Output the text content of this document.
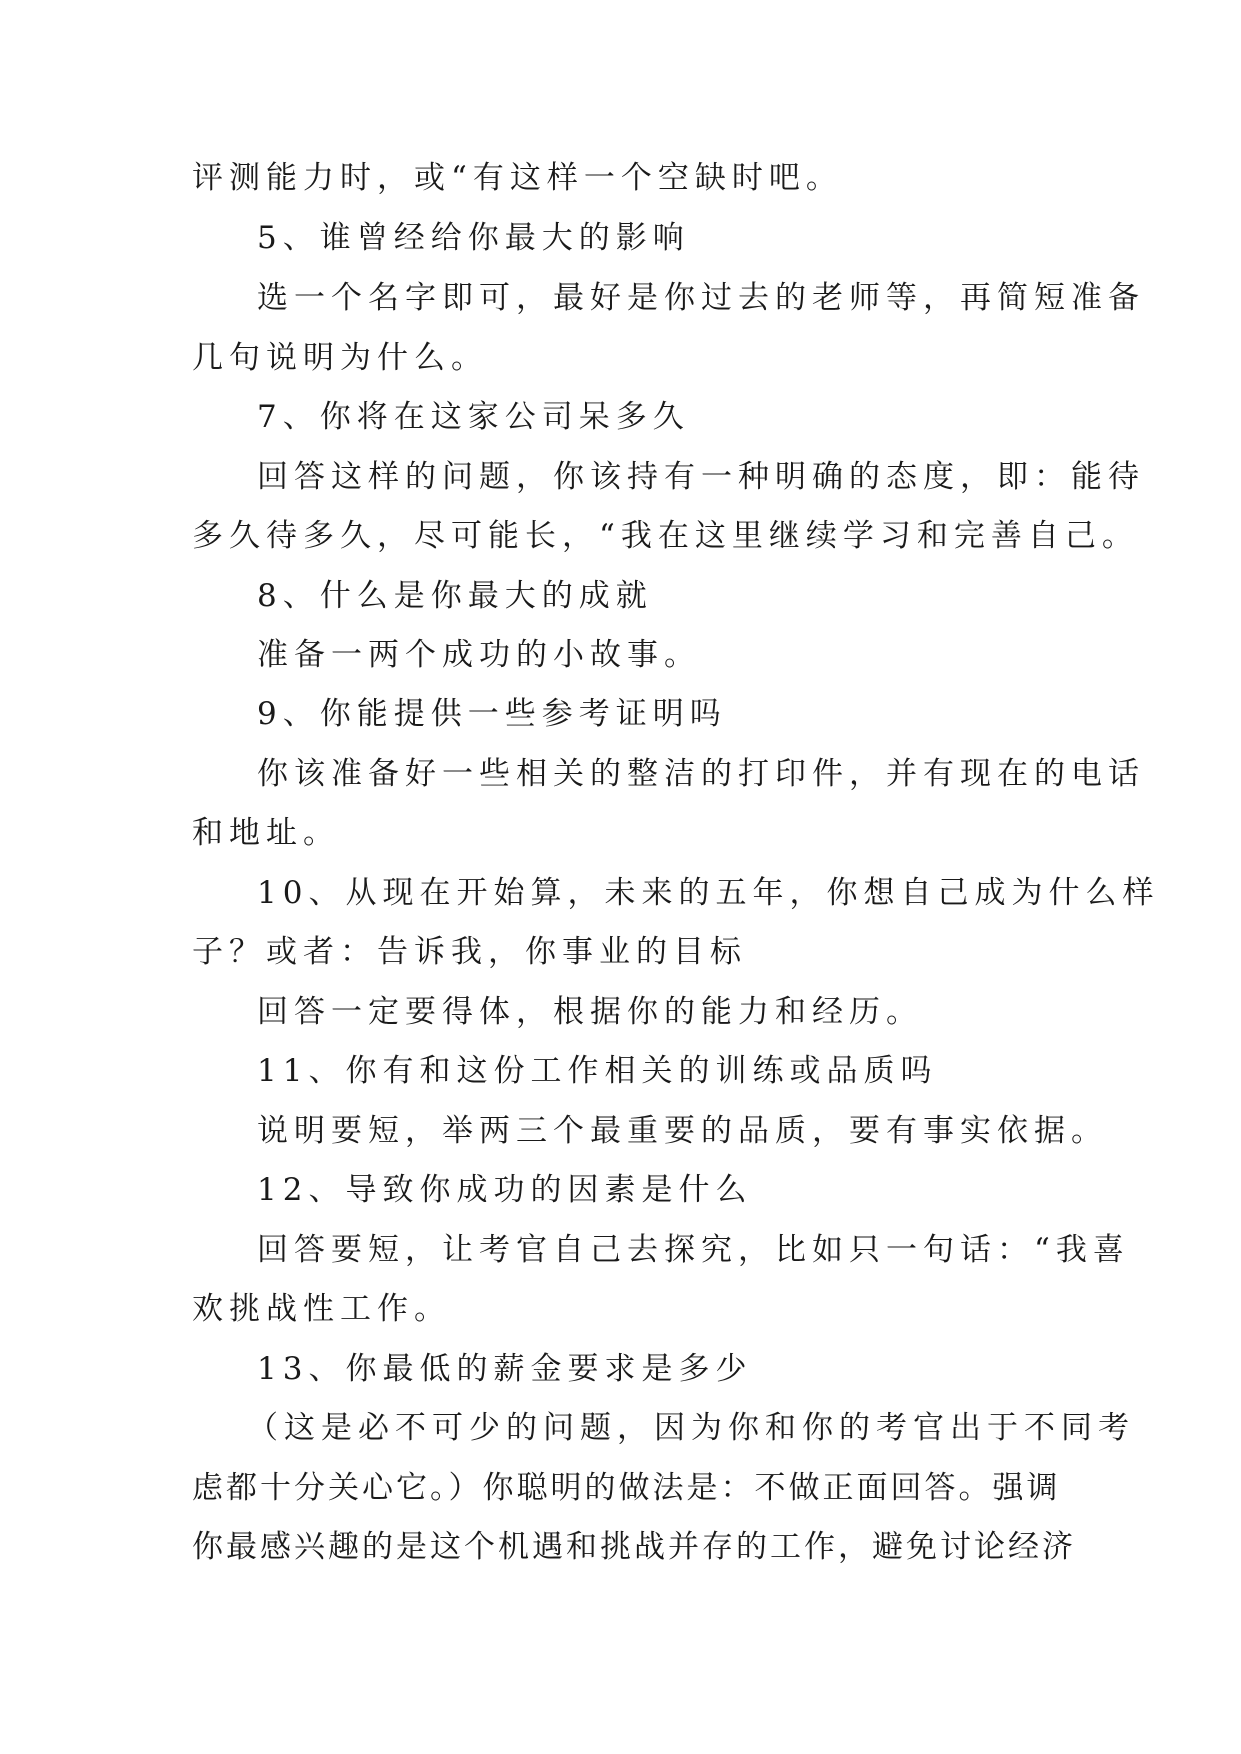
评测能力时，或“有这样一个空缺时吧。
5、谁曾经给你最大的影响
选一个名字即可，最好是你过去的老师等，再简短准备
几句说明为什么。
7、你将在这家公司呆多久
回答这样的问题，你该持有一种明确的态度，即：能待
多久待多久，尽可能长，“我在这里继续学习和完善自己。
8、什么是你最大的成就
准备一两个成功的小故事。
9、你能提供一些参考证明吗
你该准备好一些相关的整洁的打印件，并有现在的电话
和地址。
10、从现在开始算，未来的五年，你想自己成为什么样
子？或者：告诉我，你事业的目标
回答一定要得体，根据你的能力和经历。
11、你有和这份工作相关的训练或品质吗
说明要短，举两三个最重要的品质，要有事实依据。
12、导致你成功的因素是什么
回答要短，让考官自己去探究，比如只一句话：“我喜
欢挑战性工作。
13、你最低的薪金要求是多少
（这是必不可少的问题，因为你和你的考官出于不同考
虑都十分关心它。）你聪明的做法是：不做正面回答。强调
你最感兴趣的是这个机遇和挑战并存的工作，避免讨论经济
